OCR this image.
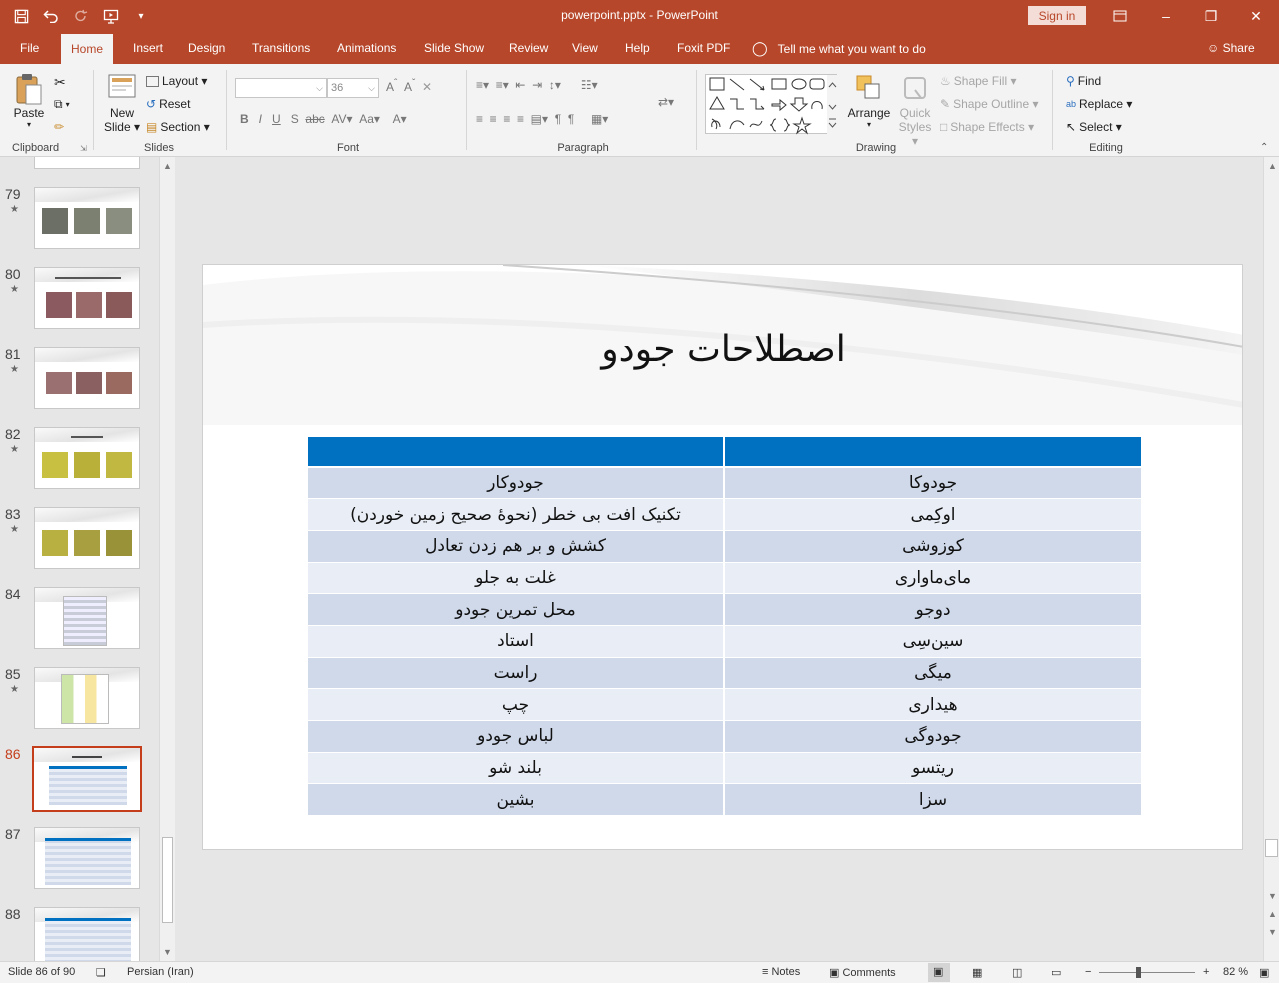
▾	powerpoint.pptx - PowerPoint	Sign in	–	❐	✕
File	Home	Insert	Design	Transitions	Animations	Slide Show	Review	View	Help	Foxit PDF	◯ Tell me what you want to do	☺ Share
Paste
▾
✂
⧉ ▾
✏
Clipboard	⇲
New
Slide ▾
Layout ▾
↺ Reset
▤ Section ▾
Slides
⌵ 36	⌵ $A^ˆ$  $A^ˇ$ ✕
B   I U S  abc  AV▾  Aa▾    A▾
Font
≡▾  ≡▾  ⇤  ⇥  ↕▾      ☷▾
≡  ≡  ≡  ≡  ▤▾  ¶  ¶     ▦▾
⇄▾
Paragraph
Arrange
▾
Quick
Styles ▾
♨ Shape Fill ▾
✎ Shape Outline ▾
□ Shape Effects ▾
Drawing
⚲ Find
ab Replace ▾
↖ Select ▾
Editing	⌃
79
★
80
★
81
★
82
★
83
★
84
85
★
86
87
88
▲
▼
اصطلاحات جودو

جودوکار	جودوکا
تکنیک افت بی خطر (نحوهٔ صحیح زمین خوردن)	اوکِمی
کشش و بر هم زدن تعادل	کوزوشی
غلت به جلو	مای‌ماواری
محل تمرین جودو	دوجو
استاد	سین‌سِی
راست	میگی
چپ	هیداری
لباس جودو	جودوگی
بلند شو	ریتسو
بشین	سزا
▲
▼
▲
▼
Slide 86 of 90 ❏ Persian (Iran)	≡ Notes	▣ Comments	▣	▦	◫	▭ −	+ 82 % ▣
